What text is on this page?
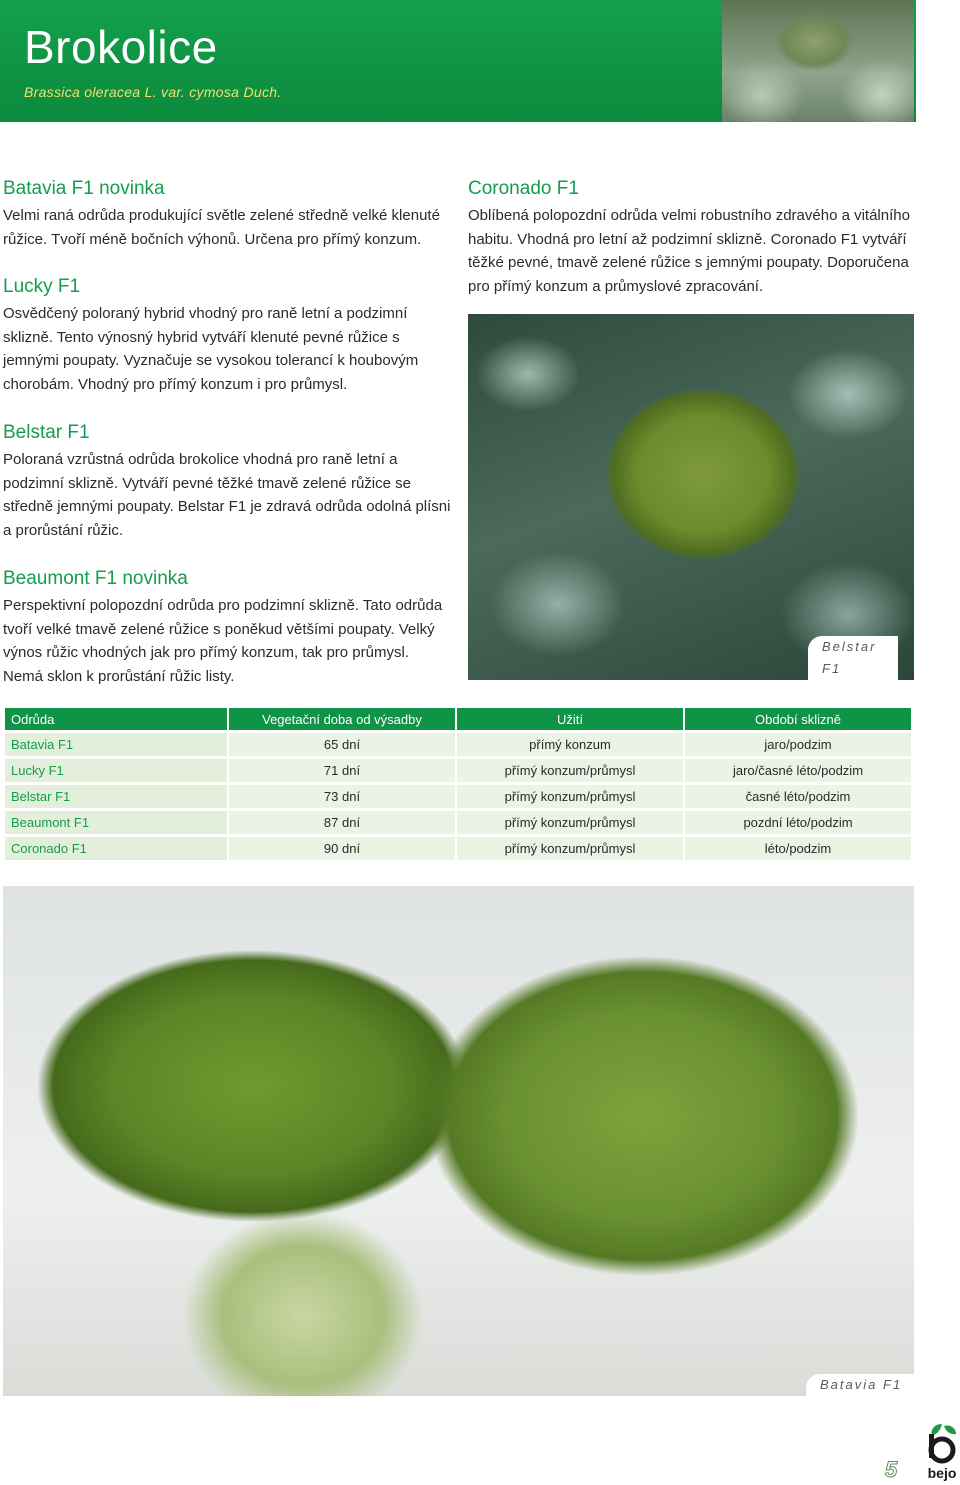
Brokolice

Brassica oleracea L. var. cymosa Duch.

Batavia F1 novinka

Velmi raná odrůda produkující světle zelené středně velké klenuté růžice. Tvoří méně bočních výhonů. Určena pro přímý konzum.

Lucky F1

Osvědčený poloraný hybrid vhodný pro raně letní a podzimní sklizně. Tento výnosný hybrid vytváří klenuté pevné růžice s jemnými poupaty. Vyznačuje se vysokou tolerancí k houbovým chorobám. Vhodný pro přímý konzum i pro průmysl.

Belstar F1

Poloraná vzrůstná odrůda brokolice vhodná pro raně letní a podzimní sklizně. Vytváří pevné těžké tmavě zelené růžice se středně jemnými poupaty. Belstar F1 je zdravá odrůda odolná plísni a prorůstání růžic.

Beaumont F1 novinka

Perspektivní polopozdní odrůda pro podzimní sklizně. Tato odrůda tvoří velké tmavě zelené růžice s poněkud většími poupaty. Velký výnos růžic vhodných jak pro přímý konzum, tak pro průmysl. Nemá sklon k prorůstání růžic listy.

Coronado F1

Oblíbená polopozdní odrůda velmi robustního zdravého a vitálního habitu. Vhodná pro letní až podzimní sklizně. Coronado F1 vytváří těžké pevné, tmavě zelené růžice s jemnými poupaty. Doporučena pro přímý konzum a průmyslové zpracování.

Belstar F1
Odrůda	Vegetační doba od výsadby	Užití	Období sklizně
Batavia F1	65 dní	přímý konzum	jaro/podzim
Lucky F1	71 dní	přímý konzum/průmysl	jaro/časné léto/podzim
Belstar F1	73 dní	přímý konzum/průmysl	časné léto/podzim
Beaumont F1	87 dní	přímý konzum/průmysl	pozdní léto/podzim
Coronado F1	90 dní	přímý konzum/průmysl	léto/podzim
Batavia F1
5 bejo
